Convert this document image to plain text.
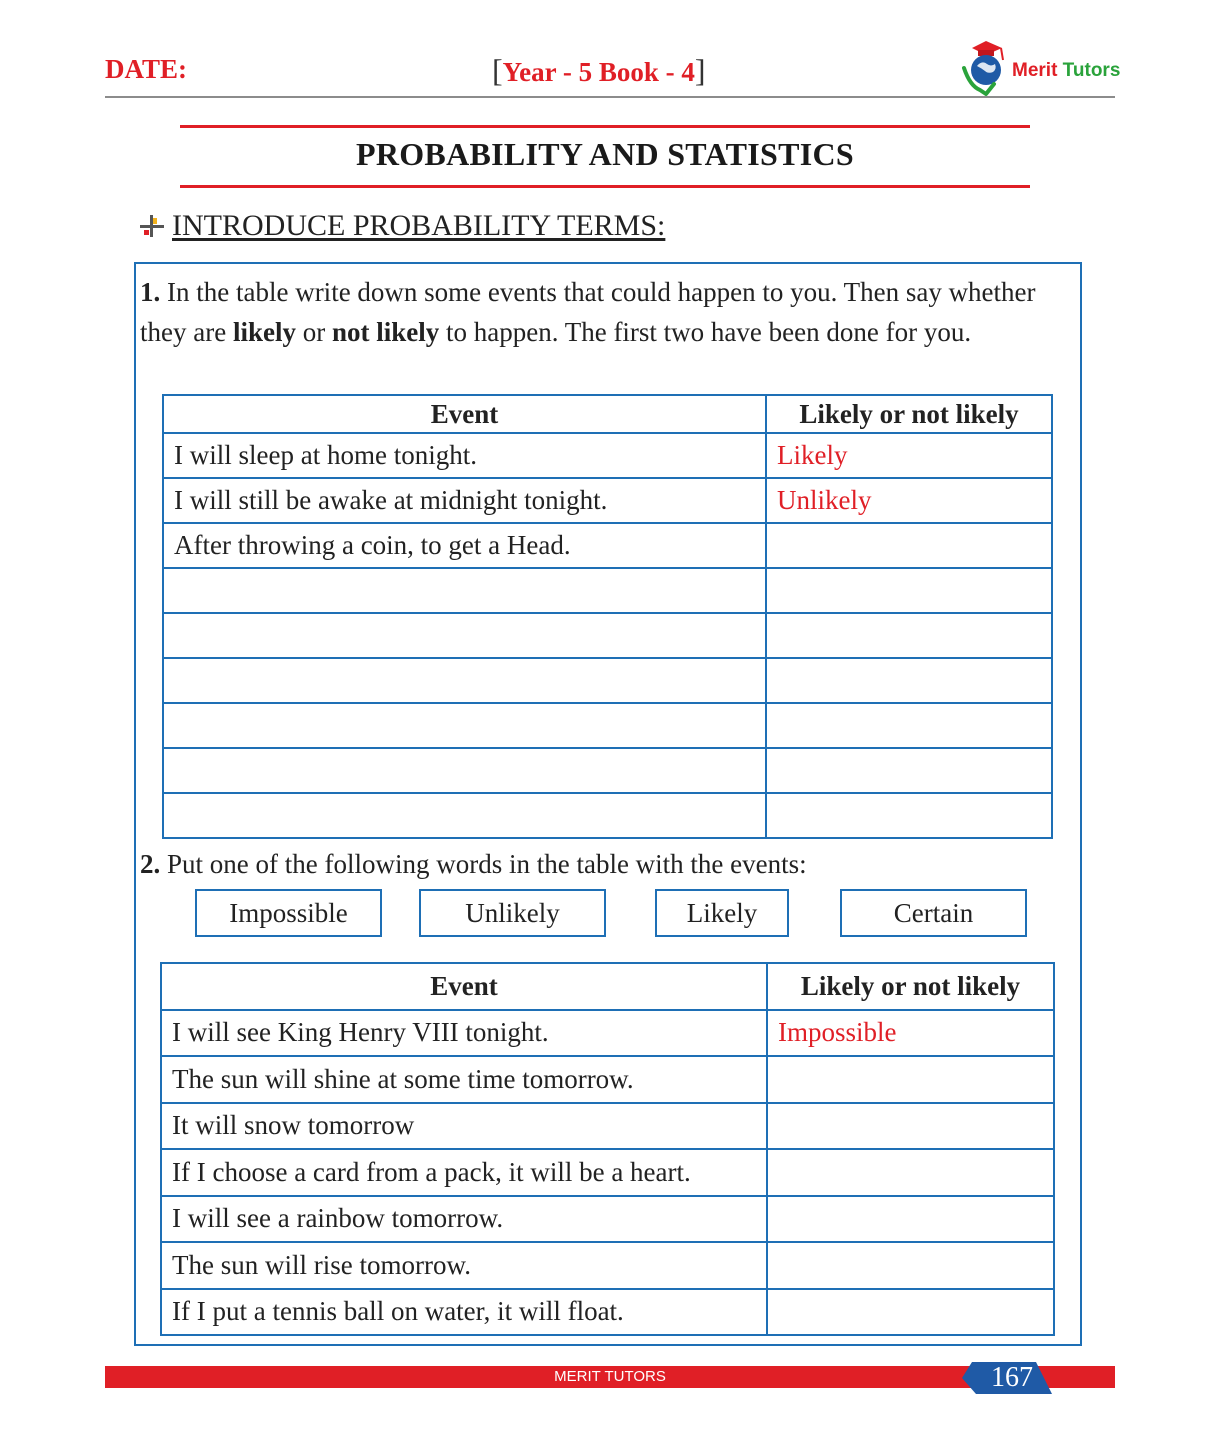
DATE:	[Year - 5 Book - 4]	Merit Tutors
PROBABILITY AND STATISTICS
INTRODUCE PROBABILITY TERMS:
1. In the table write down some events that could happen to you. Then say whether they are likely or not likely to happen. The first two have been done for you.
Event	Likely or not likely
I will sleep at home tonight.	Likely
I will still be awake at midnight tonight.	Unlikely
After throwing a coin, to get a Head.	

2. Put one of the following words in the table with the events:
Impossible	Unlikely	Likely	Certain
Event	Likely or not likely
I will see King Henry VIII tonight.	Impossible
The sun will shine at some time tomorrow.	
It will snow tomorrow	
If I choose a card from a pack, it will be a heart.	
I will see a rainbow tomorrow.	
The sun will rise tomorrow.	
If I put a tennis ball on water, it will float.	
MERIT TUTORS	167
